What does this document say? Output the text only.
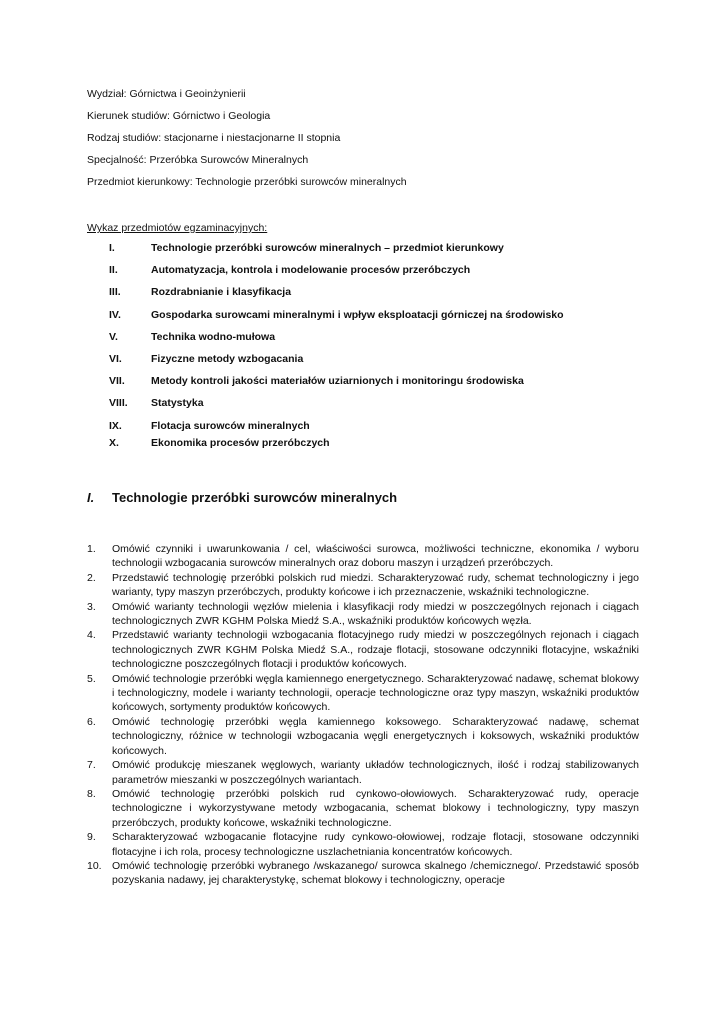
Wydział: Górnictwa i Geoinżynierii
Kierunek studiów: Górnictwo i Geologia
Rodzaj studiów: stacjonarne i niestacjonarne II stopnia
Specjalność: Przeróbka Surowców Mineralnych
Przedmiot kierunkowy: Technologie przeróbki surowców mineralnych
Wykaz przedmiotów egzaminacyjnych:
I.	Technologie przeróbki surowców mineralnych – przedmiot kierunkowy
II.	Automatyzacja, kontrola i modelowanie procesów przeróbczych
III.	Rozdrabnianie i klasyfikacja
IV.	Gospodarka surowcami mineralnymi i wpływ eksploatacji górniczej na środowisko
V.	Technika wodno-mułowa
VI.	Fizyczne metody wzbogacania
VII. Metody kontroli jakości materiałów uziarnionych i monitoringu środowiska
VIII. Statystyka
IX.	Flotacja surowców mineralnych
X.	Ekonomika procesów przeróbczych
I. Technologie przeróbki surowców mineralnych
1. Omówić czynniki i uwarunkowania / cel, właściwości surowca, możliwości techniczne, ekonomika / wyboru technologii wzbogacania surowców mineralnych oraz doboru maszyn i urządzeń przeróbczych.
2. Przedstawić technologię przeróbki polskich rud miedzi. Scharakteryzować rudy, schemat technologiczny i jego warianty, typy maszyn przeróbczych, produkty końcowe i ich przeznaczenie, wskaźniki technologiczne.
3. Omówić warianty technologii węzłów mielenia i klasyfikacji rody miedzi w poszczególnych rejonach i ciągach technologicznych ZWR KGHM Polska Miedź S.A., wskaźniki produktów końcowych węzła.
4. Przedstawić warianty technologii wzbogacania flotacyjnego rudy miedzi w poszczególnych rejonach i ciągach technologicznych ZWR KGHM Polska Miedź S.A., rodzaje flotacji, stosowane odczynniki flotacyjne, wskaźniki technologiczne poszczególnych flotacji i produktów końcowych.
5. Omówić technologie przeróbki węgla kamiennego energetycznego. Scharakteryzować nadawę, schemat blokowy i technologiczny, modele i warianty technologii, operacje technologiczne oraz typy maszyn, wskaźniki produktów końcowych, sortymenty produktów końcowych.
6. Omówić technologię przeróbki węgla kamiennego koksowego. Scharakteryzować nadawę, schemat technologiczny, różnice w technologii wzbogacania węgli energetycznych i koksowych, wskaźniki produktów końcowych.
7. Omówić produkcję mieszanek węglowych, warianty układów technologicznych, ilość i rodzaj stabilizowanych parametrów mieszanki w poszczególnych wariantach.
8. Omówić technologię przeróbki polskich rud cynkowo-ołowiowych. Scharakteryzować rudy, operacje technologiczne i wykorzystywane metody wzbogacania, schemat blokowy i technologiczny, typy maszyn przeróbczych, produkty końcowe, wskaźniki technologiczne.
9. Scharakteryzować wzbogacanie flotacyjne rudy cynkowo-ołowiowej, rodzaje flotacji, stosowane odczynniki flotacyjne i ich rola, procesy technologiczne uszlachetniania koncentratów końcowych.
10. Omówić technologię przeróbki wybranego /wskazanego/ surowca skalnego /chemicznego/. Przedstawić sposób pozyskania nadawy, jej charakterystykę, schemat blokowy i technologiczny, operacje
